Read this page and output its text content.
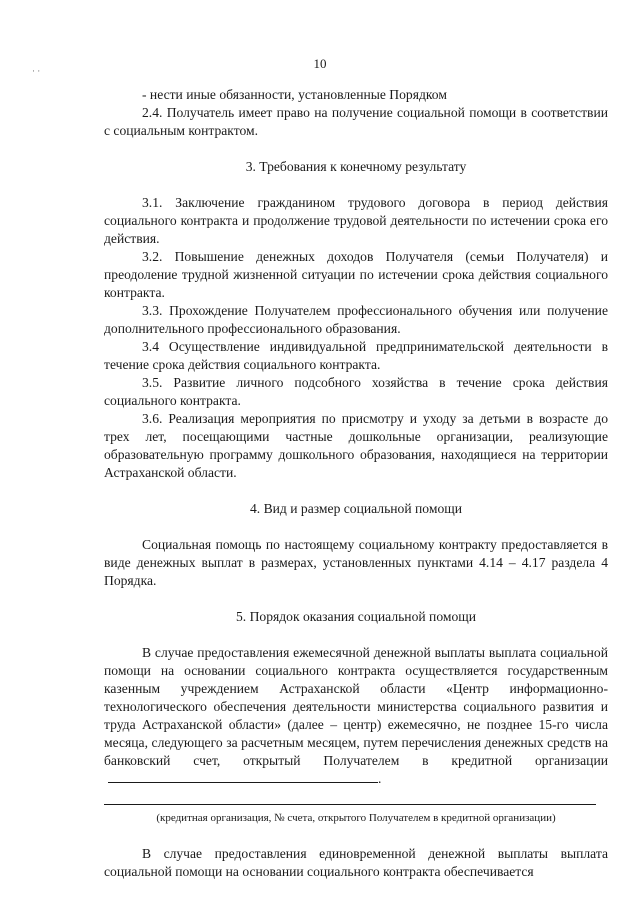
· ·	10

- нести иные обязанности, установленные Порядком

2.4. Получатель имеет право на получение социальной помощи в соответствии с социальным контрактом.

3. Требования к конечному результату

3.1. Заключение гражданином трудового договора в период действия социального контракта и продолжение трудовой деятельности по истечении срока его действия.

3.2. Повышение денежных доходов Получателя (семьи Получателя) и преодоление трудной жизненной ситуации по истечении срока действия социального контракта.

3.3. Прохождение Получателем профессионального обучения или получение дополнительного профессионального образования.

3.4 Осуществление индивидуальной предпринимательской деятельности в течение срока действия социального контракта.

3.5. Развитие личного подсобного хозяйства в течение срока действия социального контракта.

3.6. Реализация мероприятия по присмотру и уходу за детьми в возрасте до трех лет, посещающими частные дошкольные организации, реализующие образовательную программу дошкольного образования, находящиеся на территории Астраханской области.

4. Вид и размер социальной помощи

Социальная помощь по настоящему социальному контракту предоставляется в виде денежных выплат в размерах, установленных пунктами 4.14 – 4.17 раздела 4 Порядка.

5. Порядок оказания социальной помощи

В случае предоставления ежемесячной денежной выплаты выплата социальной помощи на основании социального контракта осуществляется государственным казенным учреждением Астраханской области «Центр информационно-технологического обеспечения деятельности министерства социального развития и труда Астраханской области» (далее – центр) ежемесячно, не позднее 15-го числа месяца, следующего за расчетным месяцем, путем перечисления денежных средств на банковский счет, открытый Получателем в кредитной организации.

(кредитная организация, № счета, открытого Получателем в кредитной организации)

В случае предоставления единовременной денежной выплаты выплата социальной помощи на основании социального контракта обеспечивается
